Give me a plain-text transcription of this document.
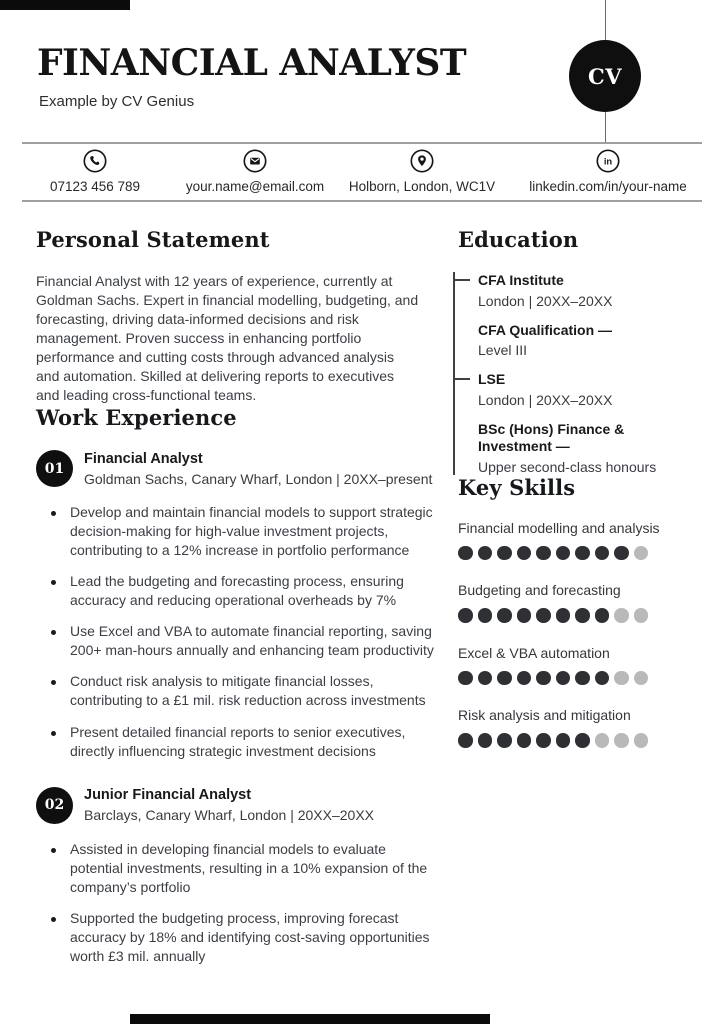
FINANCIAL ANALYST
Example by CV Genius
CV
07123 456 789	your.name@email.com Holborn, London, WC1V
in
linkedin.com/in/your-name
Personal Statement

Financial Analyst with 12 years of experience, currently at Goldman Sachs. Expert in financial modelling, budgeting, and forecasting, driving data-informed decisions and risk management. Proven success in enhancing portfolio performance and cutting costs through advanced analysis and automation. Skilled at delivering reports to executives and leading cross-functional teams.

Work Experience
01
Financial Analyst
Goldman Sachs, Canary Wharf, London | 20XX–present
Develop and maintain financial models to support strategic decision-making for high-value investment projects, contributing to a 12% increase in portfolio performance
Lead the budgeting and forecasting process, ensuring accuracy and reducing operational overheads by 7%
Use Excel and VBA to automate financial reporting, saving 200+ man-hours annually and enhancing team productivity
Conduct risk analysis to mitigate financial losses, contributing to a £1 mil. risk reduction across investments
Present detailed financial reports to senior executives, directly influencing strategic investment decisions
02
Junior Financial Analyst
Barclays, Canary Wharf, London | 20XX–20XX
Assisted in developing financial models to evaluate potential investments, resulting in a 10% expansion of the company’s portfolio
Supported the budgeting process, improving forecast accuracy by 18% and identifying cost-saving opportunities worth £3 mil. annually
Education
CFA Institute
London | 20XX–20XX
CFA Qualification —
Level III
LSE
London | 20XX–20XX
BSc (Hons) Finance & Investment —
Upper second-class honours
Key Skills
Financial modelling and analysis
Budgeting and forecasting
Excel & VBA automation
Risk analysis and mitigation
